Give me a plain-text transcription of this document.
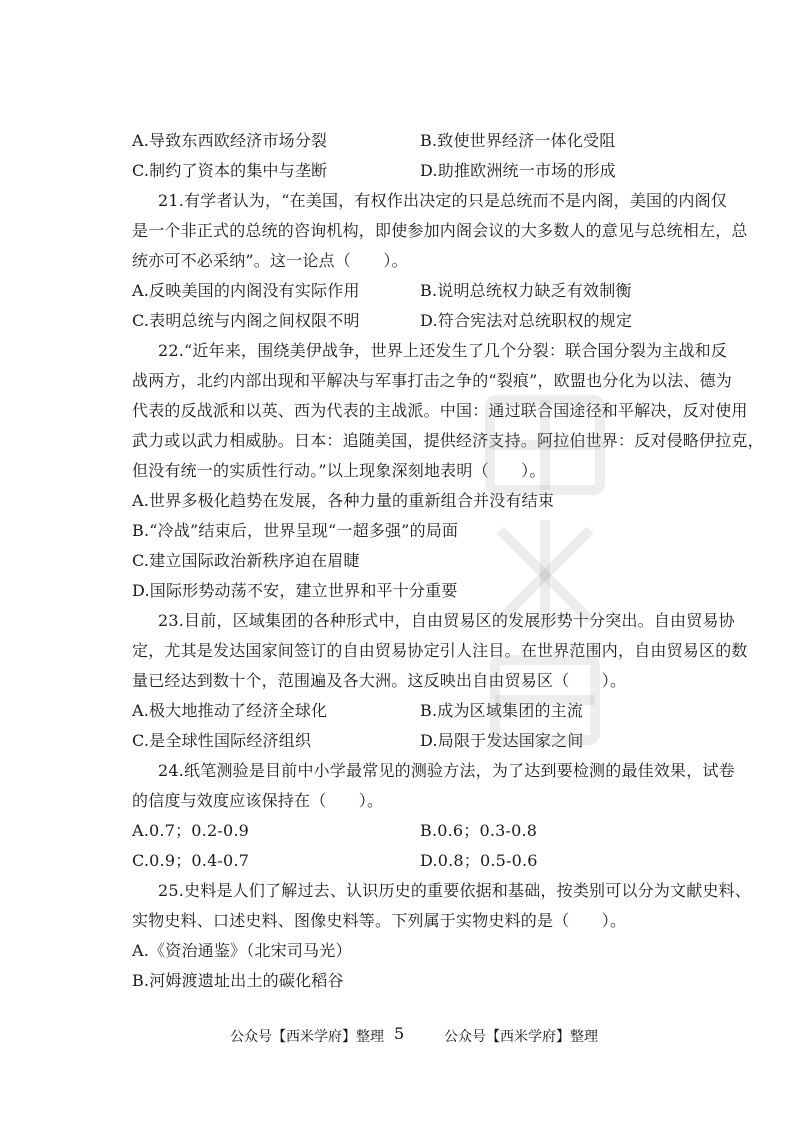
A.导致东西欧经济市场分裂	B.致使世界经济一体化受阻
C.制约了资本的集中与垄断	D.助推欧洲统一市场的形成
21.有学者认为，“在美国，有权作出决定的只是总统而不是内阁，美国的内阁仅
是一个非正式的总统的咨询机构，即使参加内阁会议的大多数人的意见与总统相左，总
统亦可不必采纳”。这一论点（　　）。
A.反映美国的内阁没有实际作用	B.说明总统权力缺乏有效制衡
C.表明总统与内阁之间权限不明	D.符合宪法对总统职权的规定
22.“近年来，围绕美伊战争，世界上还发生了几个分裂：联合国分裂为主战和反
战两方，北约内部出现和平解决与军事打击之争的“裂痕”，欧盟也分化为以法、德为
代表的反战派和以英、西为代表的主战派。中国：通过联合国途径和平解决，反对使用
武力或以武力相威胁。日本：追随美国，提供经济支持。阿拉伯世界：反对侵略伊拉克，
但没有统一的实质性行动。”以上现象深刻地表明（　　）。
A.世界多极化趋势在发展，各种力量的重新组合并没有结束
B.“冷战”结束后，世界呈现“一超多强”的局面
C.建立国际政治新秩序迫在眉睫
D.国际形势动荡不安，建立世界和平十分重要
23.目前，区域集团的各种形式中，自由贸易区的发展形势十分突出。自由贸易协
定，尤其是发达国家间签订的自由贸易协定引人注目。在世界范围内，自由贸易区的数
量已经达到数十个，范围遍及各大洲。这反映出自由贸易区（　　）。
A.极大地推动了经济全球化	B.成为区域集团的主流
C.是全球性国际经济组织	D.局限于发达国家之间
24.纸笔测验是目前中小学最常见的测验方法，为了达到要检测的最佳效果，试卷
的信度与效度应该保持在（　　）。
A.0.7；0.2-0.9	B.0.6；0.3-0.8
C.0.9；0.4-0.7	D.0.8；0.5-0.6
25.史料是人们了解过去、认识历史的重要依据和基础，按类别可以分为文献史料、
实物史料、口述史料、图像史料等。下列属于实物史料的是（　　）。
A.《资治通鉴》（北宋司马光）
B.河姆渡遗址出土的碳化稻谷
公众号【西米学府】整理 5	公众号【西米学府】整理
